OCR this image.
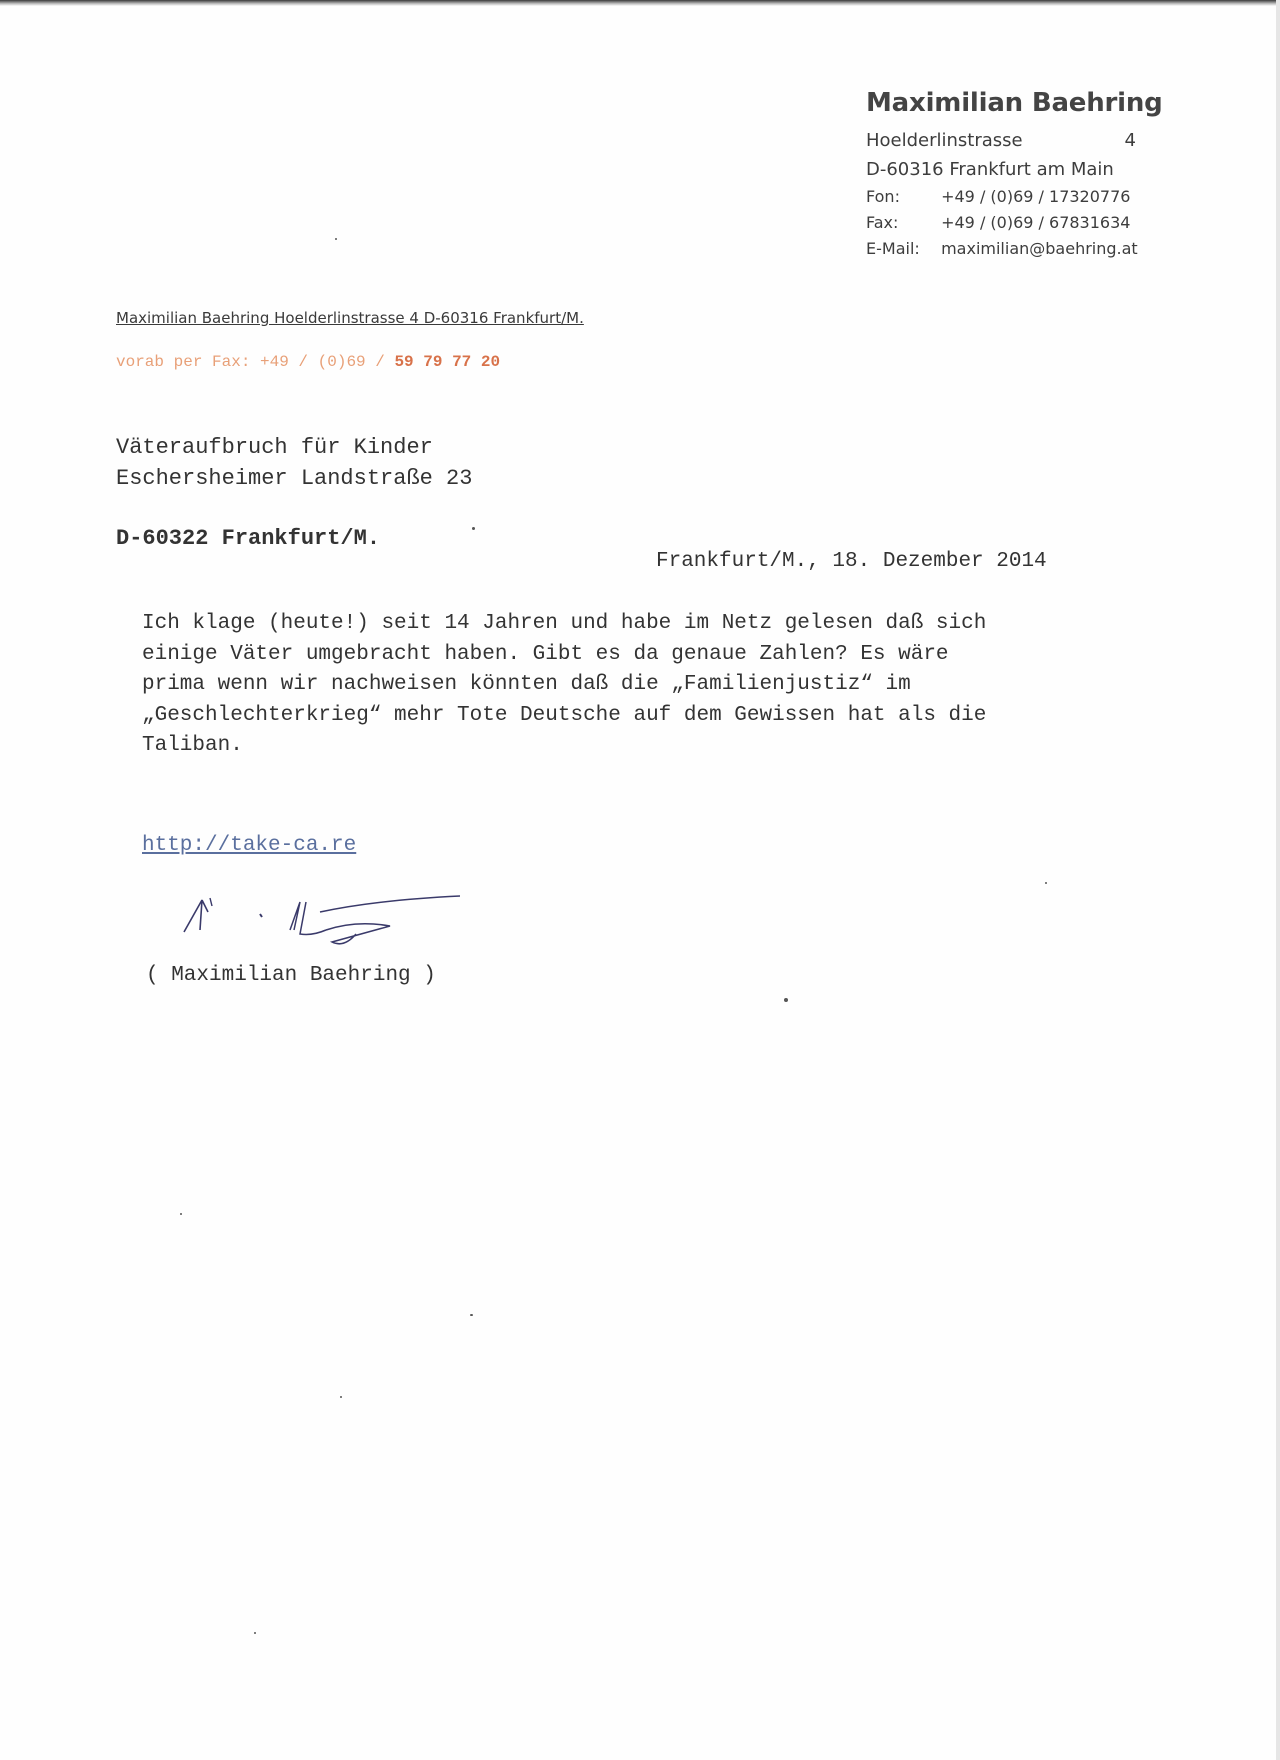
Maximilian Baehring
Hoelderlinstrasse	4
D-60316 Frankfurt am Main
Fon:	+49 / (0)69 / 17320776
Fax:	+49 / (0)69 / 67831634
E-Mail: maximilian@baehring.at
Maximilian Baehring Hoelderlinstrasse 4 D-60316 Frankfurt/M.
vorab per Fax: +49 / (0)69 / 59 79 77 20
Väteraufbruch für Kinder
Eschersheimer Landstraße 23
D-60322 Frankfurt/M.
Frankfurt/M., 18. Dezember 2014
Ich klage (heute!) seit 14 Jahren und habe im Netz gelesen daß sich
einige Väter umgebracht haben. Gibt es da genaue Zahlen? Es wäre
prima wenn wir nachweisen könnten daß die „Familienjustiz“ im
„Geschlechterkrieg“ mehr Tote Deutsche auf dem Gewissen hat als die
Taliban.
http://take-ca.re
( Maximilian Baehring )
